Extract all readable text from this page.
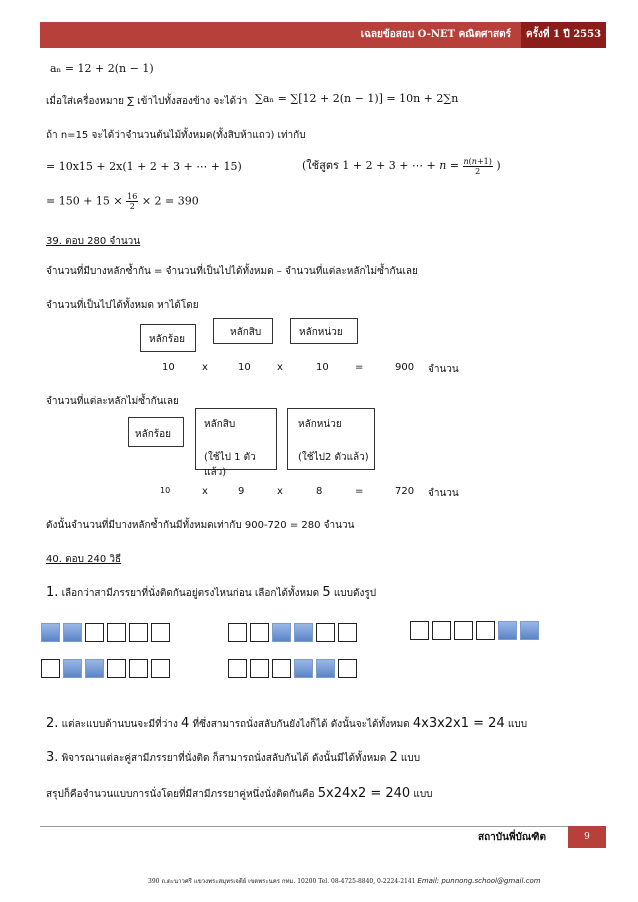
เฉลยข้อสอบ O-NET คณิตศาสตร์	ครั้งที่ 1 ปี 2553
aₙ = 12 + 2(n − 1)
เมื่อใส่เครื่องหมาย ∑ เข้าไปทั้งสองข้าง จะได้ว่า ∑aₙ = ∑[12 + 2(n − 1)] = 10n + 2∑n
ถ้า n=15 จะได้ว่าจำนวนต้นไม้ทั้งหมด(ทั้งสิบห้าแถว) เท่ากับ
= 10x15 + 2x(1 + 2 + 3 + ⋯ + 15)	(ใช้สูตร 1 + 2 + 3 + ⋯ + 𝑛 = $\frac{\text{𝑛(𝑛+1)}}{2}$ )
= $150 + 15 \times \frac{16}{2} \times 2 = 390$
39. ตอบ 280 จำนวน
จำนวนที่มีบางหลักซ้ำกัน = จำนวนที่เป็นไปได้ทั้งหมด – จำนวนที่แต่ละหลักไม่ซ้ำกันเลย
จำนวนที่เป็นไปได้ทั้งหมด หาได้โดย
หลักร้อย
หลักสิบ	หลักหน่วย
10	x	10	x	10	=	900 จำนวน
จำนวนที่แต่ละหลักไม่ซ้ำกันเลย
หลักร้อย
หลักสิบ
(ใช้ไป 1 ตัวแล้ว)
หลักหน่วย
(ใช้ไป2 ตัวแล้ว)
10	x	9	x	8	=	720 จำนวน
ดังนั้นจำนวนที่มีบางหลักซ้ำกันมีทั้งหมดเท่ากับ 900-720 = 280 จำนวน
40. ตอบ 240 วิธี
1. เลือกว่าสามีภรรยาที่นั่งติดกันอยู่ตรงไหนก่อน เลือกได้ทั้งหมด 5 แบบดังรูป
2. แต่ละแบบด้านบนจะมีที่ว่าง 4 ที่ซึ่งสามารถนั่งสลับกันยังไงก็ได้ ดังนั้นจะได้ทั้งหมด 4x3x2x1 = 24 แบบ
3. พิจารณาแต่ละคู่สามีภรรยาที่นั่งติด ก็สามารถนั่งสลับกันได้ ดังนั้นมีได้ทั้งหมด 2 แบบ
สรุปก็คือจำนวนแบบการนั่งโดยที่มีสามีภรรยาคู่หนึ่งนั่งติดกันคือ 5x24x2 = 240 แบบ
สถาบันพี่บัณฑิต	9
390 ถ.ตะนาวศรี แขวงพระสมุทรเจดีย์ เขตพระนคร กทม. 10200 Tel. 08-4725-8840, 0-2224-2141 Email: punnong.school@gmail.com
